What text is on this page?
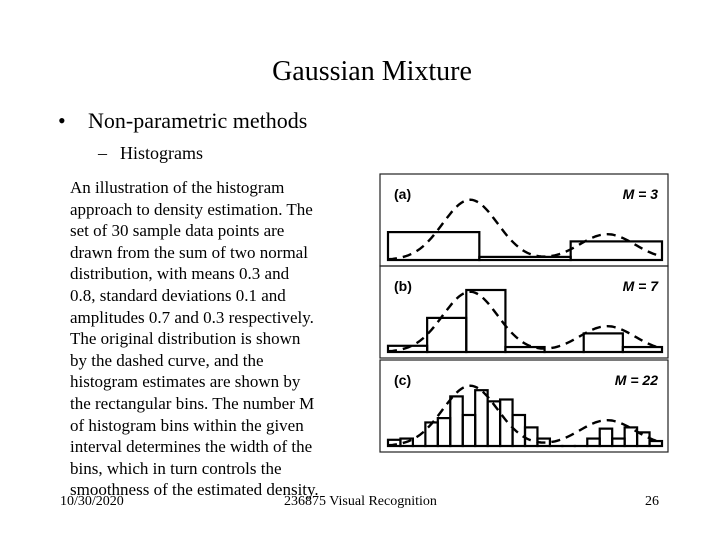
Gaussian Mixture
• Non-parametric methods
– Histograms
(a)	M = 3
(b)	M = 7
(c)	M = 22
An illustration of the histogram
approach to density estimation. The
set of 30 sample data points are
drawn from the sum of two normal
distribution, with means 0.3 and
0.8, standard deviations 0.1 and
amplitudes 0.7 and 0.3 respectively.
The original distribution is shown
by the dashed curve, and the
histogram estimates are shown by
the rectangular bins. The number M
of histogram bins within the given
interval determines the width of the
bins, which in turn controls the
smoothness of the estimated density.
10/30/2020	236875 Visual Recognition	26
